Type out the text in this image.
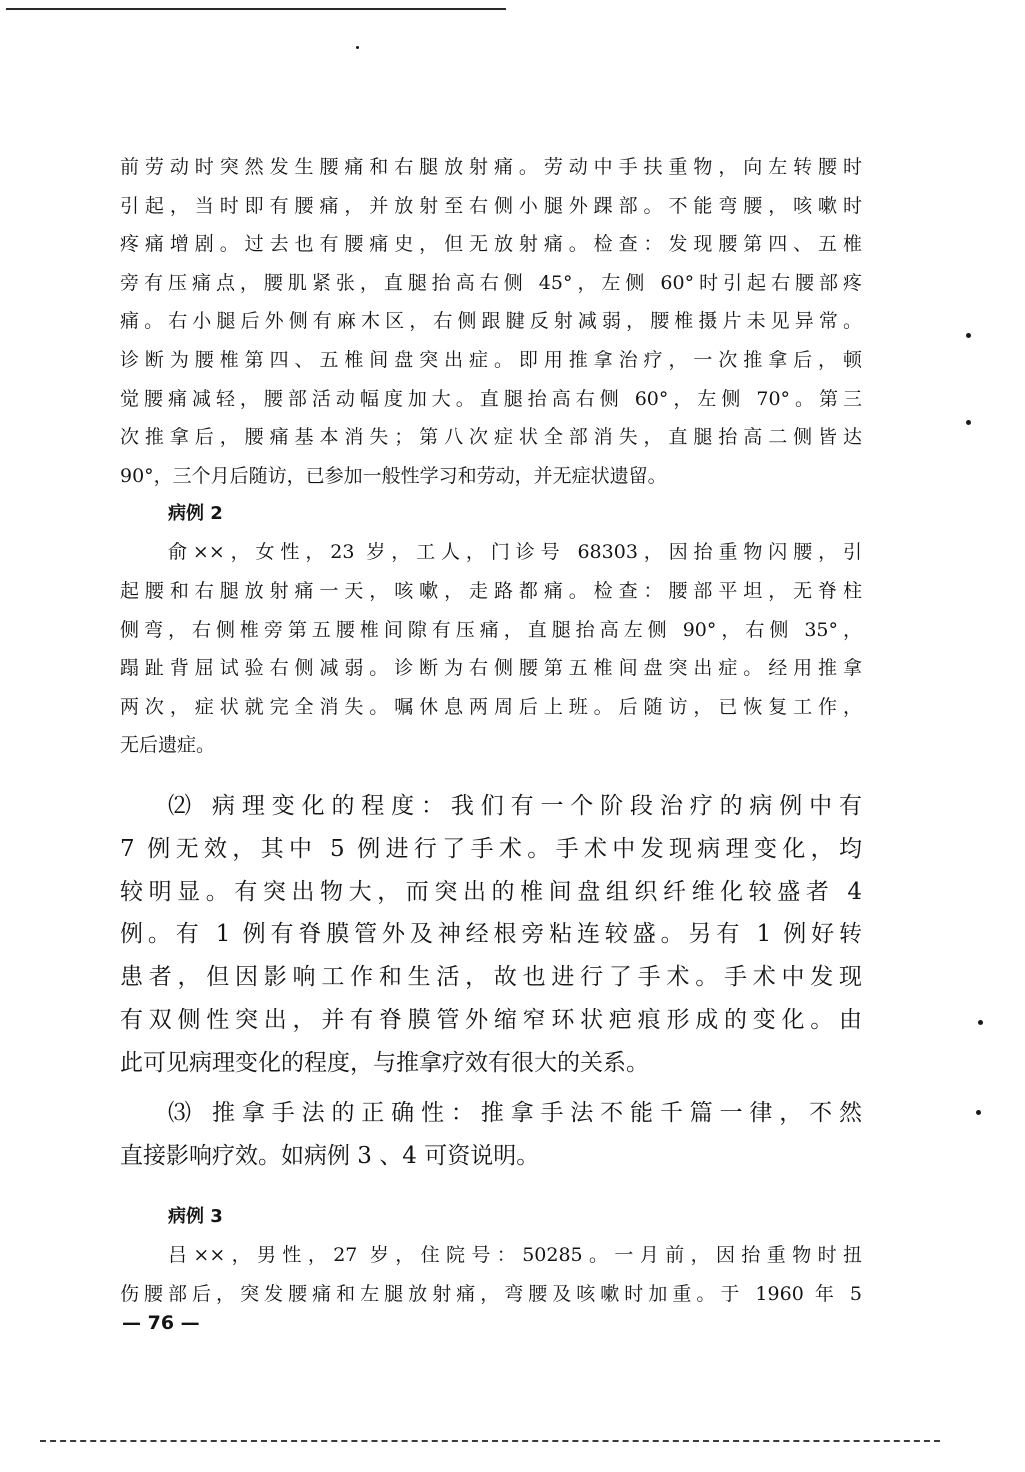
前劳动时突然发生腰痛和右腿放射痛。劳动中手扶重物，向左转腰时
引起，当时即有腰痛，并放射至右侧小腿外踝部。不能弯腰，咳嗽时
疼痛增剧。过去也有腰痛史，但无放射痛。检查：发现腰第四、五椎
旁有压痛点，腰肌紧张，直腿抬高右侧 45°，左侧 60°时引起右腰部疼
痛。右小腿后外侧有麻木区，右侧跟腱反射减弱，腰椎摄片未见异常。
诊断为腰椎第四、五椎间盘突出症。即用推拿治疗，一次推拿后，顿
觉腰痛减轻，腰部活动幅度加大。直腿抬高右侧 60°，左侧 70°。第三
次推拿后，腰痛基本消失；第八次症状全部消失，直腿抬高二侧皆达
90°，三个月后随访，已参加一般性学习和劳动，并无症状遗留。
病例 2
俞××，女性，23 岁，工人，门诊号 68303，因抬重物闪腰，引
起腰和右腿放射痛一天，咳嗽，走路都痛。检查：腰部平坦，无脊柱
侧弯，右侧椎旁第五腰椎间隙有压痛，直腿抬高左侧 90°，右侧 35°，
蹋趾背屈试验右侧减弱。诊断为右侧腰第五椎间盘突出症。经用推拿
两次，症状就完全消失。嘱休息两周后上班。后随访，已恢复工作，
无后遗症。
⑵ 病理变化的程度：我们有一个阶段治疗的病例中有
7 例无效，其中 5 例进行了手术。手术中发现病理变化，均
较明显。有突出物大，而突出的椎间盘组织纤维化较盛者 4
例。有 1 例有脊膜管外及神经根旁粘连较盛。另有 1 例好转
患者，但因影响工作和生活，故也进行了手术。手术中发现
有双侧性突出，并有脊膜管外缩窄环状疤痕形成的变化。由
此可见病理变化的程度，与推拿疗效有很大的关系。
⑶ 推拿手法的正确性：推拿手法不能千篇一律，不然
直接影响疗效。如病例 3 、4 可资说明。
病例 3
吕××，男性，27 岁，住院号：50285。一月前，因抬重物时扭
伤腰部后，突发腰痛和左腿放射痛，弯腰及咳嗽时加重。于 1960 年 5
— 76 —
